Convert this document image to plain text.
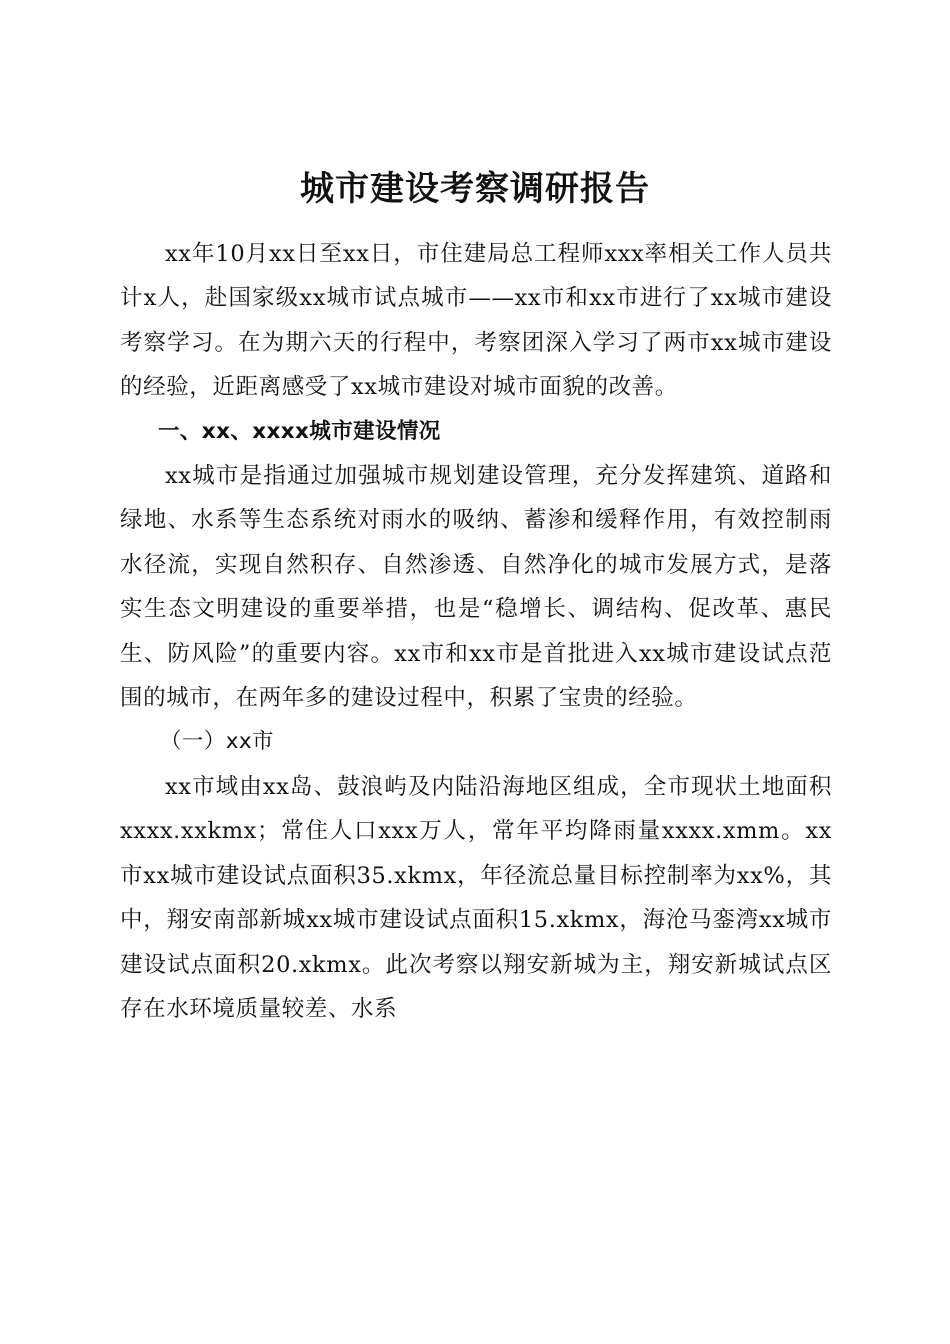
城市建设考察调研报告

xx年10月xx日至xx日，市住建局总工程师xxx率相关工作人员共计x人，赴国家级xx城市试点城市——xx市和xx市进行了xx城市建设考察学习。在为期六天的行程中，考察团深入学习了两市xx城市建设的经验，近距离感受了xx城市建设对城市面貌的改善。

一、xx、xxxx城市建设情况

xx城市是指通过加强城市规划建设管理，充分发挥建筑、道路和绿地、水系等生态系统对雨水的吸纳、蓄渗和缓释作用，有效控制雨水径流，实现自然积存、自然渗透、自然净化的城市发展方式，是落实生态文明建设的重要举措，也是“稳增长、调结构、促改革、惠民生、防风险”的重要内容。xx市和xx市是首批进入xx城市建设试点范围的城市，在两年多的建设过程中，积累了宝贵的经验。

（一）xx市

xx市域由xx岛、鼓浪屿及内陆沿海地区组成，全市现状土地面积xxxx.xxkmx；常住人口xxx万人，常年平均降雨量xxxx.xmm。xx市xx城市建设试点面积35.xkmx，年径流总量目标控制率为xx%，其中，翔安南部新城xx城市建设试点面积15.xkmx，海沧马銮湾xx城市建设试点面积20.xkmx。此次考察以翔安新城为主，翔安新城试点区存在水环境质量较差、水系
